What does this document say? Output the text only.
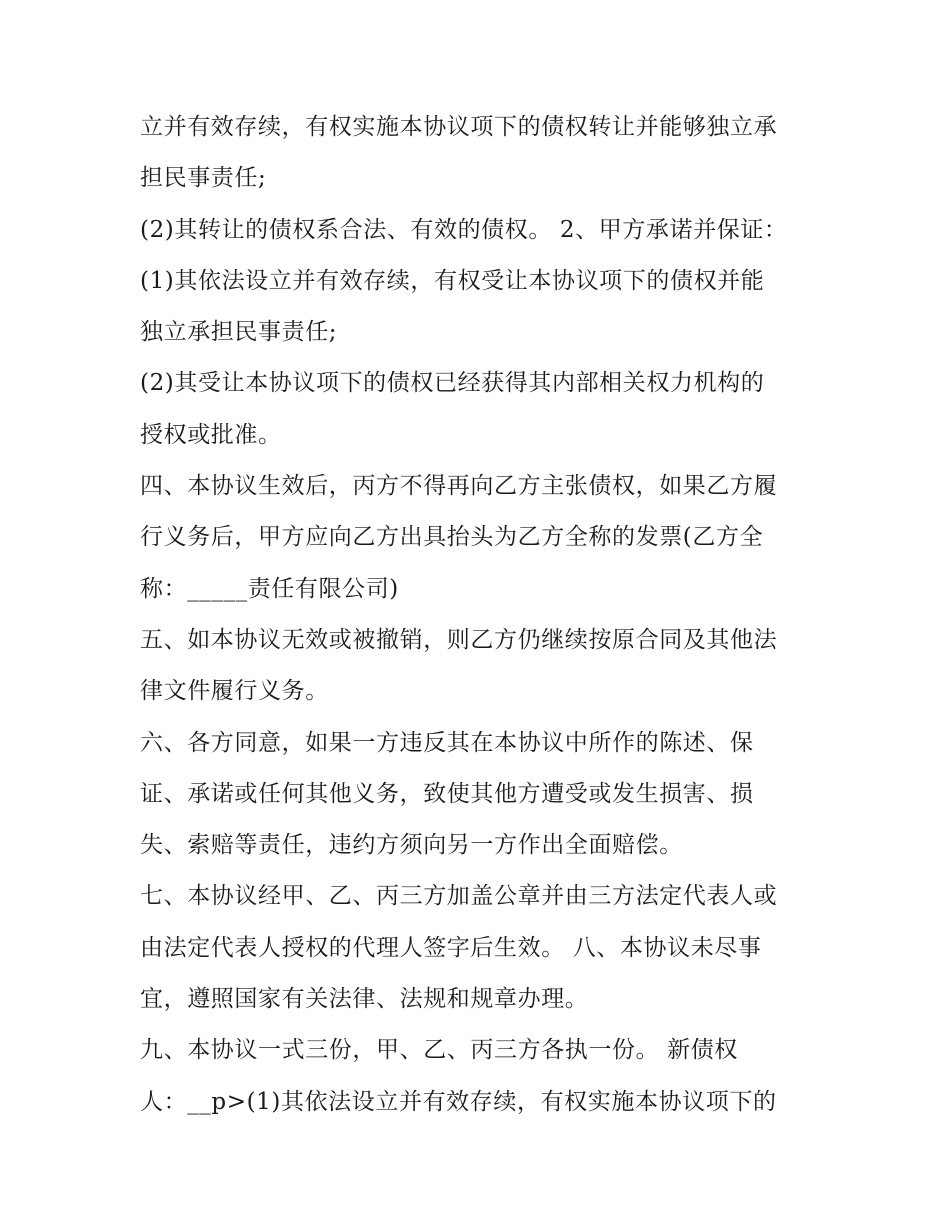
立并有效存续，有权实施本协议项下的债权转让并能够独立承
担民事责任;
(2)其转让的债权系合法、有效的债权。 2、甲方承诺并保证：
(1)其依法设立并有效存续，有权受让本协议项下的债权并能
独立承担民事责任;
(2)其受让本协议项下的债权已经获得其内部相关权力机构的
授权或批准。
四、本协议生效后，丙方不得再向乙方主张债权，如果乙方履
行义务后，甲方应向乙方出具抬头为乙方全称的发票(乙方全
称：_____责任有限公司)
五、如本协议无效或被撤销，则乙方仍继续按原合同及其他法
律文件履行义务。
六、各方同意，如果一方违反其在本协议中所作的陈述、保
证、承诺或任何其他义务，致使其他方遭受或发生损害、损
失、索赔等责任，违约方须向另一方作出全面赔偿。
七、本协议经甲、乙、丙三方加盖公章并由三方法定代表人或
由法定代表人授权的代理人签字后生效。 八、本协议未尽事
宜，遵照国家有关法律、法规和规章办理。
九、本协议一式三份，甲、乙、丙三方各执一份。 新债权
人：__p>(1)其依法设立并有效存续，有权实施本协议项下的
